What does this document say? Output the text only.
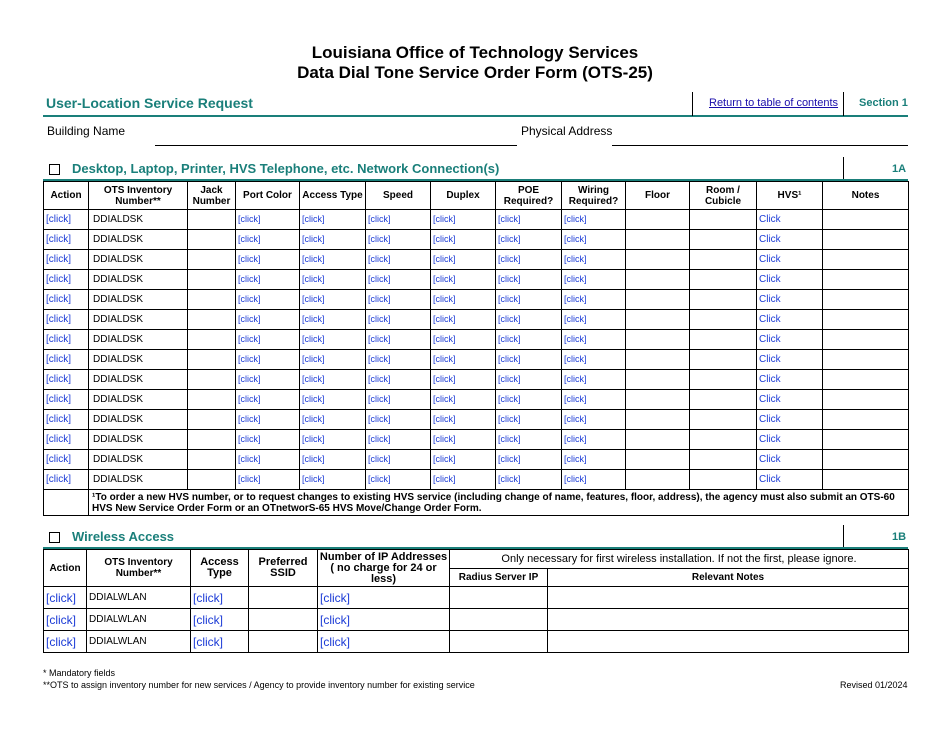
Louisiana Office of Technology Services
Data Dial Tone Service Order Form (OTS-25)
User-Location Service Request	Return to table of contents Section 1
Building Name	Physical Address
Desktop, Laptop, Printer, HVS Telephone, etc. Network Connection(s)	1A
Action	OTS Inventory Number**	Jack Number	Port Color	Access Type	Speed	Duplex	POE Required?	Wiring Required?	Floor	Room / Cubicle	HVS¹	Notes
[click]	DDIALDSK		[click]	[click]	[click]	[click]	[click]	[click]			Click	
[click]	DDIALDSK		[click]	[click]	[click]	[click]	[click]	[click]			Click	
[click]	DDIALDSK		[click]	[click]	[click]	[click]	[click]	[click]			Click	
[click]	DDIALDSK		[click]	[click]	[click]	[click]	[click]	[click]			Click	
[click]	DDIALDSK		[click]	[click]	[click]	[click]	[click]	[click]			Click	
[click]	DDIALDSK		[click]	[click]	[click]	[click]	[click]	[click]			Click	
[click]	DDIALDSK		[click]	[click]	[click]	[click]	[click]	[click]			Click	
[click]	DDIALDSK		[click]	[click]	[click]	[click]	[click]	[click]			Click	
[click]	DDIALDSK		[click]	[click]	[click]	[click]	[click]	[click]			Click	
[click]	DDIALDSK		[click]	[click]	[click]	[click]	[click]	[click]			Click	
[click]	DDIALDSK		[click]	[click]	[click]	[click]	[click]	[click]			Click	
[click]	DDIALDSK		[click]	[click]	[click]	[click]	[click]	[click]			Click	
[click]	DDIALDSK		[click]	[click]	[click]	[click]	[click]	[click]			Click	
[click]	DDIALDSK		[click]	[click]	[click]	[click]	[click]	[click]			Click	
	¹To order a new HVS number, or to request changes to existing HVS service (including change of name, features, floor, address), the agency must also submit an OTS-60 HVS New Service Order Form or an OTnetworS-65 HVS Move/Change Order Form.											
Wireless Access	1B
Action	OTS Inventory Number**	Access Type	Preferred SSID	Number of IP Addresses ( no charge for 24 or less)	Only necessary for first wireless installation. If not the first, please ignore.	
					Radius Server IP	Relevant Notes
[click]	DDIALWLAN	[click]		[click]		
[click]	DDIALWLAN	[click]		[click]		
[click]	DDIALWLAN	[click]		[click]		
* Mandatory fields
**OTS to assign inventory number for new services / Agency to provide inventory number for existing service	Revised 01/2024
